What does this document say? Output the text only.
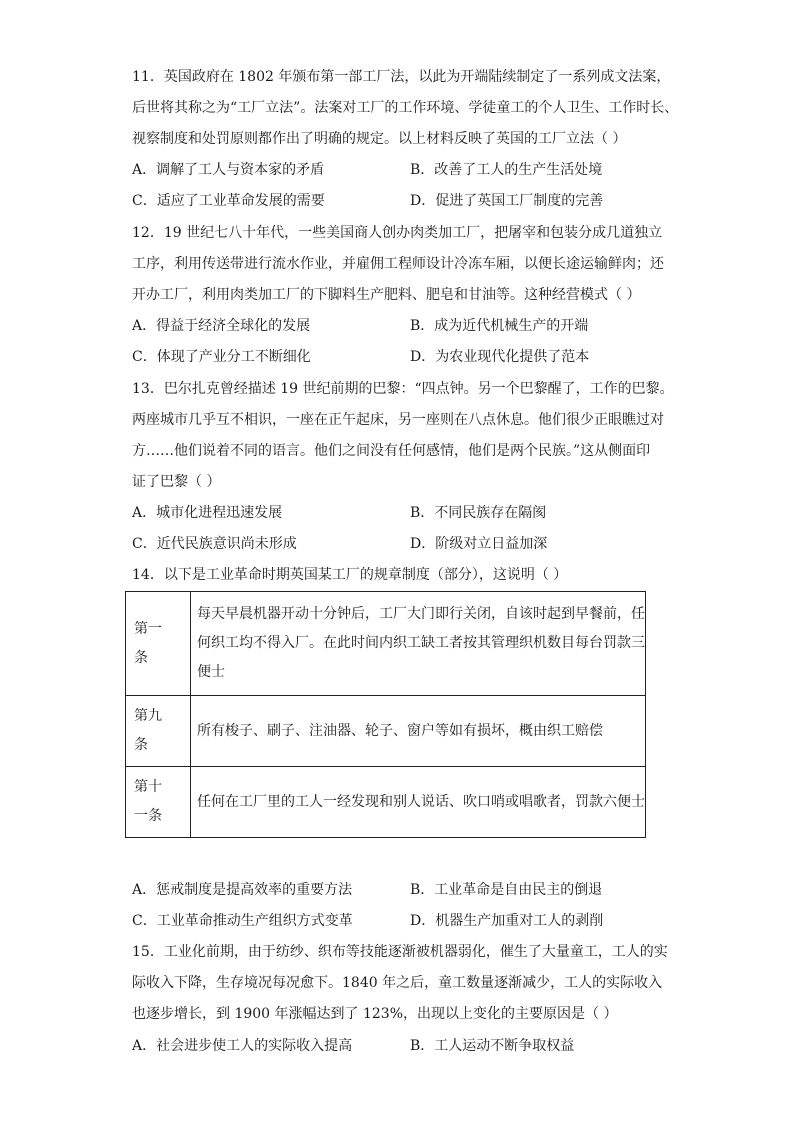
11．英国政府在 1802 年颁布第一部工厂法，以此为开端陆续制定了一系列成文法案，
后世将其称之为“工厂立法”。法案对工厂的工作环境、学徒童工的个人卫生、工作时长、
视察制度和处罚原则都作出了明确的规定。以上材料反映了英国的工厂立法（ ）
A．调解了工人与资本家的矛盾	B．改善了工人的生产生活处境
C．适应了工业革命发展的需要	D．促进了英国工厂制度的完善
12．19 世纪七八十年代，一些美国商人创办肉类加工厂，把屠宰和包装分成几道独立
工序，利用传送带进行流水作业，并雇佣工程师设计冷冻车厢，以便长途运输鲜肉；还
开办工厂，利用肉类加工厂的下脚料生产肥料、肥皂和甘油等。这种经营模式（ ）
A．得益于经济全球化的发展	B．成为近代机械生产的开端
C．体现了产业分工不断细化	D．为农业现代化提供了范本
13．巴尔扎克曾经描述 19 世纪前期的巴黎：“四点钟。另一个巴黎醒了，工作的巴黎。
两座城市几乎互不相识，一座在正午起床，另一座则在八点休息。他们很少正眼瞧过对
方……他们说着不同的语言。他们之间没有任何感情，他们是两个民族。”这从侧面印
证了巴黎（ ）
A．城市化进程迅速发展	B．不同民族存在隔阂
C．近代民族意识尚未形成	D．阶级对立日益加深
14．以下是工业革命时期英国某工厂的规章制度（部分），这说明（ ）
第一
条	每天早晨机器开动十分钟后，工厂大门即行关闭，自该时起到早餐前，任
何织工均不得入厂。在此时间内织工缺工者按其管理织机数目每台罚款三
便士

第九
条	所有梭子、刷子、注油器、轮子、窗户等如有损坏，概由织工赔偿

第十
一条	任何在工厂里的工人一经发现和别人说话、吹口哨或唱歌者，罚款六便士
A．惩戒制度是提高效率的重要方法	B．工业革命是自由民主的倒退
C．工业革命推动生产组织方式变革	D．机器生产加重对工人的剥削
15．工业化前期，由于纺纱、织布等技能逐渐被机器弱化，催生了大量童工，工人的实
际收入下降，生存境况每况愈下。1840 年之后，童工数量逐渐减少，工人的实际收入
也逐步增长，到 1900 年涨幅达到了 123%，出现以上变化的主要原因是（ ）
A．社会进步使工人的实际收入提高	B．工人运动不断争取权益
